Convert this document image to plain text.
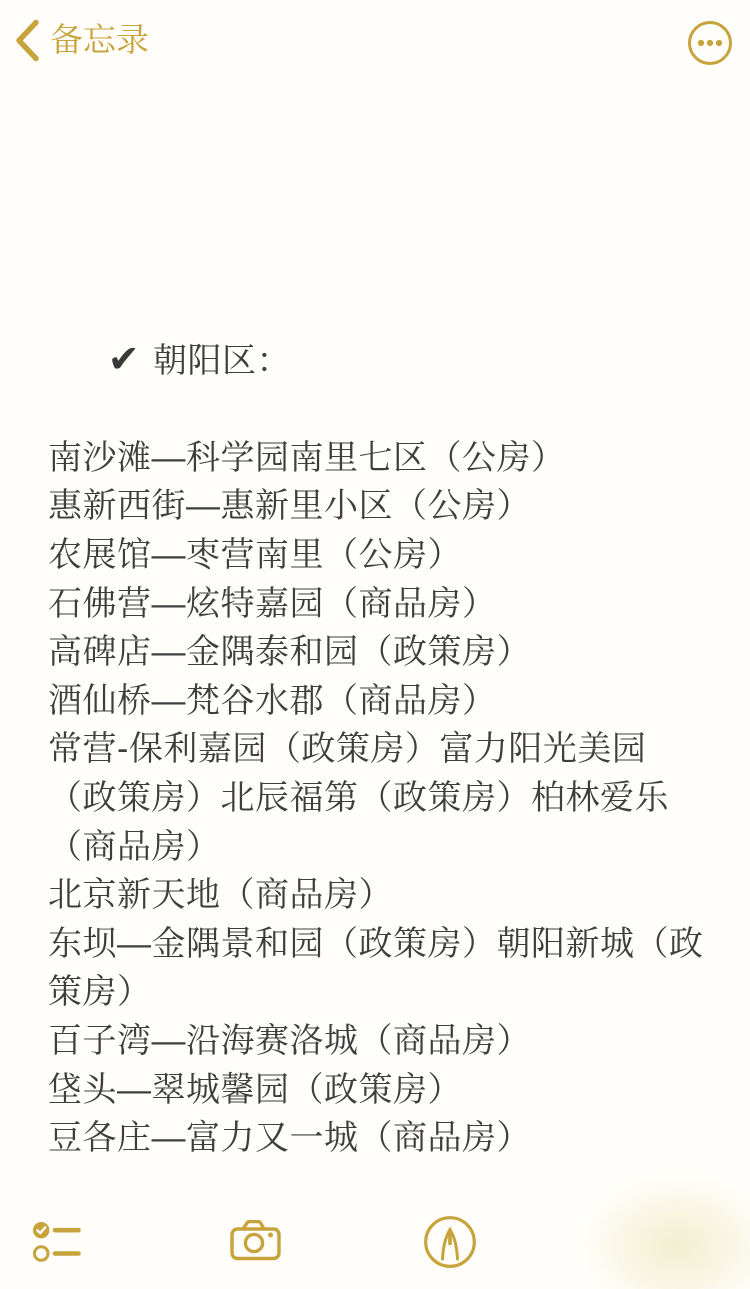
备忘录

✔ 朝阳区：

南沙滩—科学园南里七区（公房）
惠新西街—惠新里小区（公房）
农展馆—枣营南里（公房）
石佛营—炫特嘉园（商品房）
高碑店—金隅泰和园（政策房）
酒仙桥—梵谷水郡（商品房）
常营-保利嘉园（政策房）富力阳光美园
（政策房）北辰福第（政策房）柏林爱乐
（商品房）
北京新天地（商品房）
东坝—金隅景和园（政策房）朝阳新城（政
策房）
百子湾—沿海赛洛城（商品房）
垡头—翠城馨园（政策房）
豆各庄—富力又一城（商品房）
